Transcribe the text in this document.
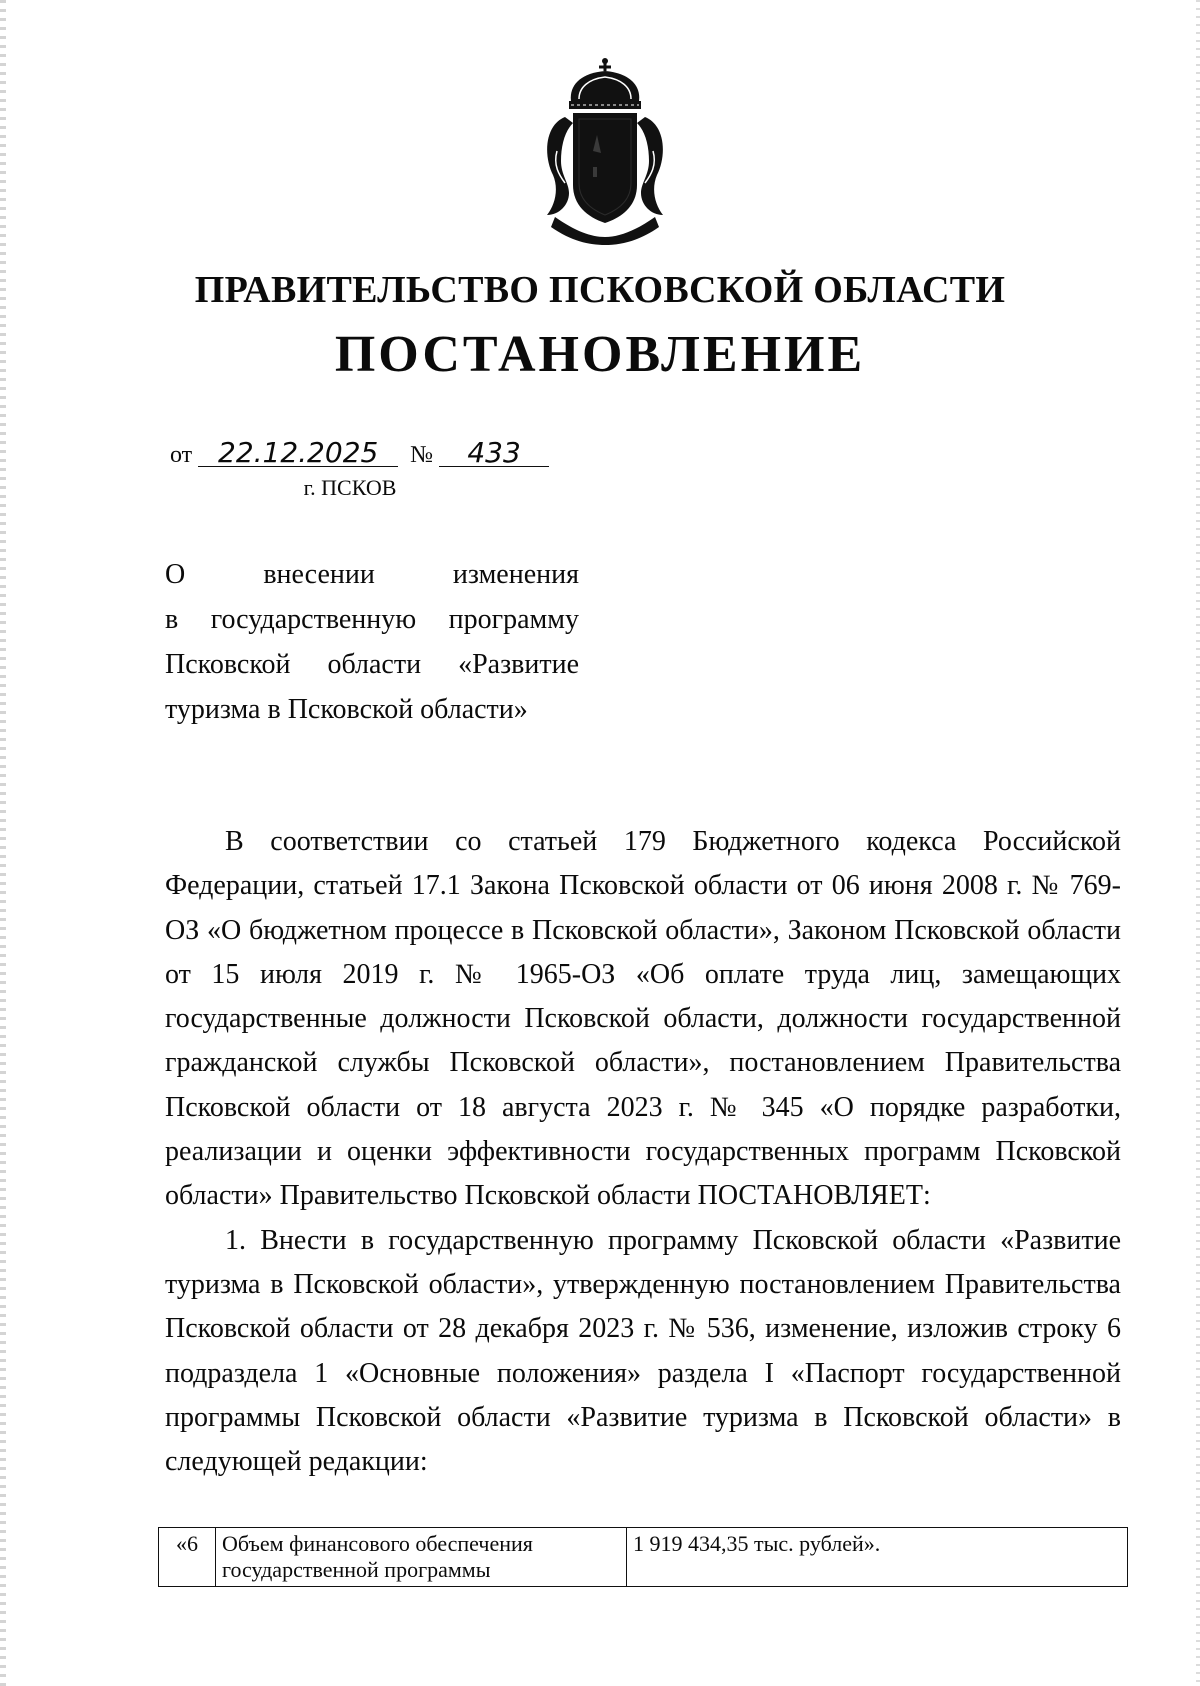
ПРАВИТЕЛЬСТВО ПСКОВСКОЙ ОБЛАСТИ
ПОСТАНОВЛЕНИЕ
от 22.12.2025 № 433
г. ПСКОВ
О внесении изменения
в государственную программу
Псковской области «Развитие
туризма в Псковской области»

В соответствии со статьей 179 Бюджетного кодекса Российской Федерации, статьей 17.1 Закона Псковской области от 06 июня 2008 г. № 769-ОЗ «О бюджетном процессе в Псковской области», Законом Псковской области от 15 июля 2019 г. № 1965-ОЗ «Об оплате труда лиц, замещающих государственные должности Псковской области, должности государственной гражданской службы Псковской области», постановлением Правительства Псковской области от 18 августа 2023 г. № 345 «О порядке разработки, реализации и оценки эффективности государственных программ Псковской области» Правительство Псковской области ПОСТАНОВЛЯЕТ:

1. Внести в государственную программу Псковской области «Развитие туризма в Псковской области», утвержденную постановлением Правительства Псковской области от 28 декабря 2023 г. № 536, изменение, изложив строку 6 подраздела 1 «Основные положения» раздела I «Паспорт государственной программы Псковской области «Развитие туризма в Псковской области» в следующей редакции:

«6	Объем финансового обеспечения государственной программы	1 919 434,35 тыс. рублей».
